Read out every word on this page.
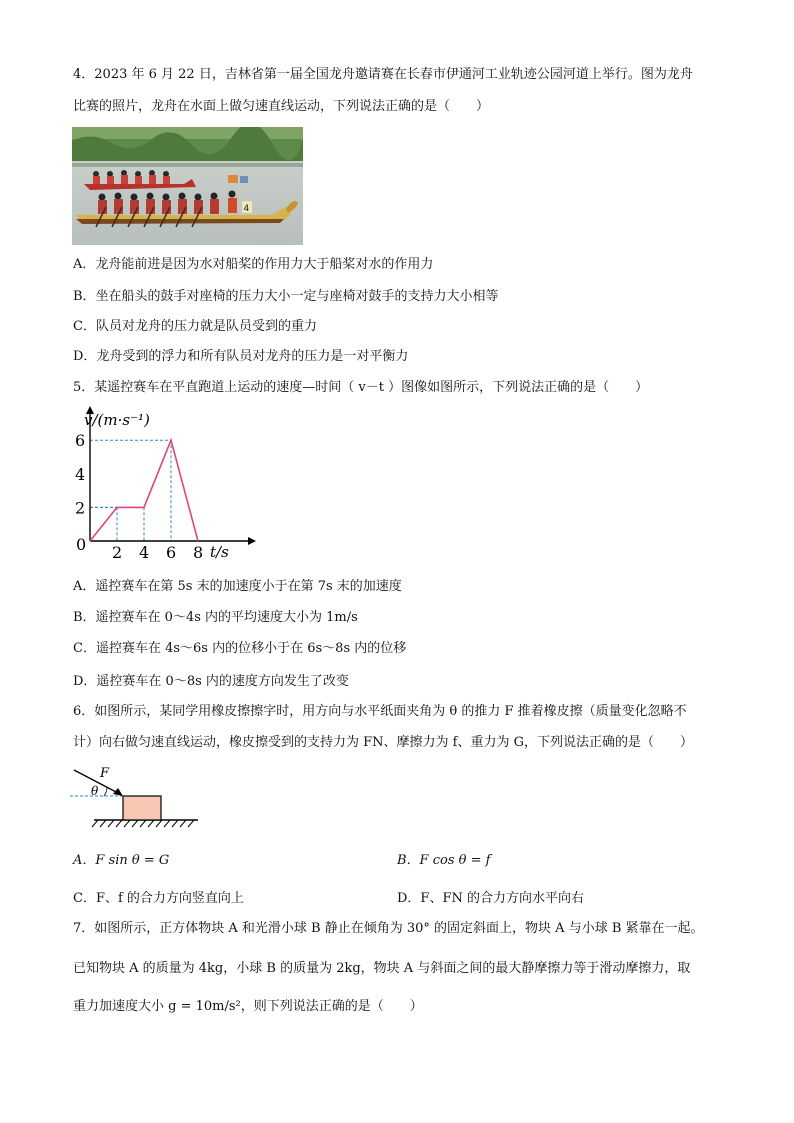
4．2023 年 6 月 22 日，吉林省第一届全国龙舟邀请赛在长春市伊通河工业轨迹公园河道上举行。图为龙舟
比赛的照片，龙舟在水面上做匀速直线运动，下列说法正确的是（　　）
4
A．龙舟能前进是因为水对船桨的作用力大于船桨对水的作用力
B．坐在船头的鼓手对座椅的压力大小一定与座椅对鼓手的支持力大小相等
C．队员对龙舟的压力就是队员受到的重力
D．龙舟受到的浮力和所有队员对龙舟的压力是一对平衡力
5．某遥控赛车在平直跑道上运动的速度—时间（ v－t ）图像如图所示，下列说法正确的是（　　）
2 4 6 8
2
4
6
v/(m·s⁻¹)
t/s
0
A．遥控赛车在第 5s 末的加速度小于在第 7s 末的加速度
B．遥控赛车在 0～4s 内的平均速度大小为 1m/s
C．遥控赛车在 4s～6s 内的位移小于在 6s～8s 内的位移
D．遥控赛车在 0～8s 内的速度方向发生了改变
6．如图所示，某同学用橡皮擦擦字时，用方向与水平纸面夹角为 θ 的推力 F 推着橡皮擦（质量变化忽略不
计）向右做匀速直线运动，橡皮擦受到的支持力为 FN、摩擦力为 f、重力为 G，下列说法正确的是（　　）
F
θ
A．F sin θ = G	B．F cos θ = f
C．F、f 的合力方向竖直向上	D．F、FN 的合力方向水平向右
7．如图所示，正方体物块 A 和光滑小球 B 静止在倾角为 30° 的固定斜面上，物块 A 与小球 B 紧靠在一起。
已知物块 A 的质量为 4kg，小球 B 的质量为 2kg，物块 A 与斜面之间的最大静摩擦力等于滑动摩擦力，取
重力加速度大小 g = 10m/s²，则下列说法正确的是（　　）
